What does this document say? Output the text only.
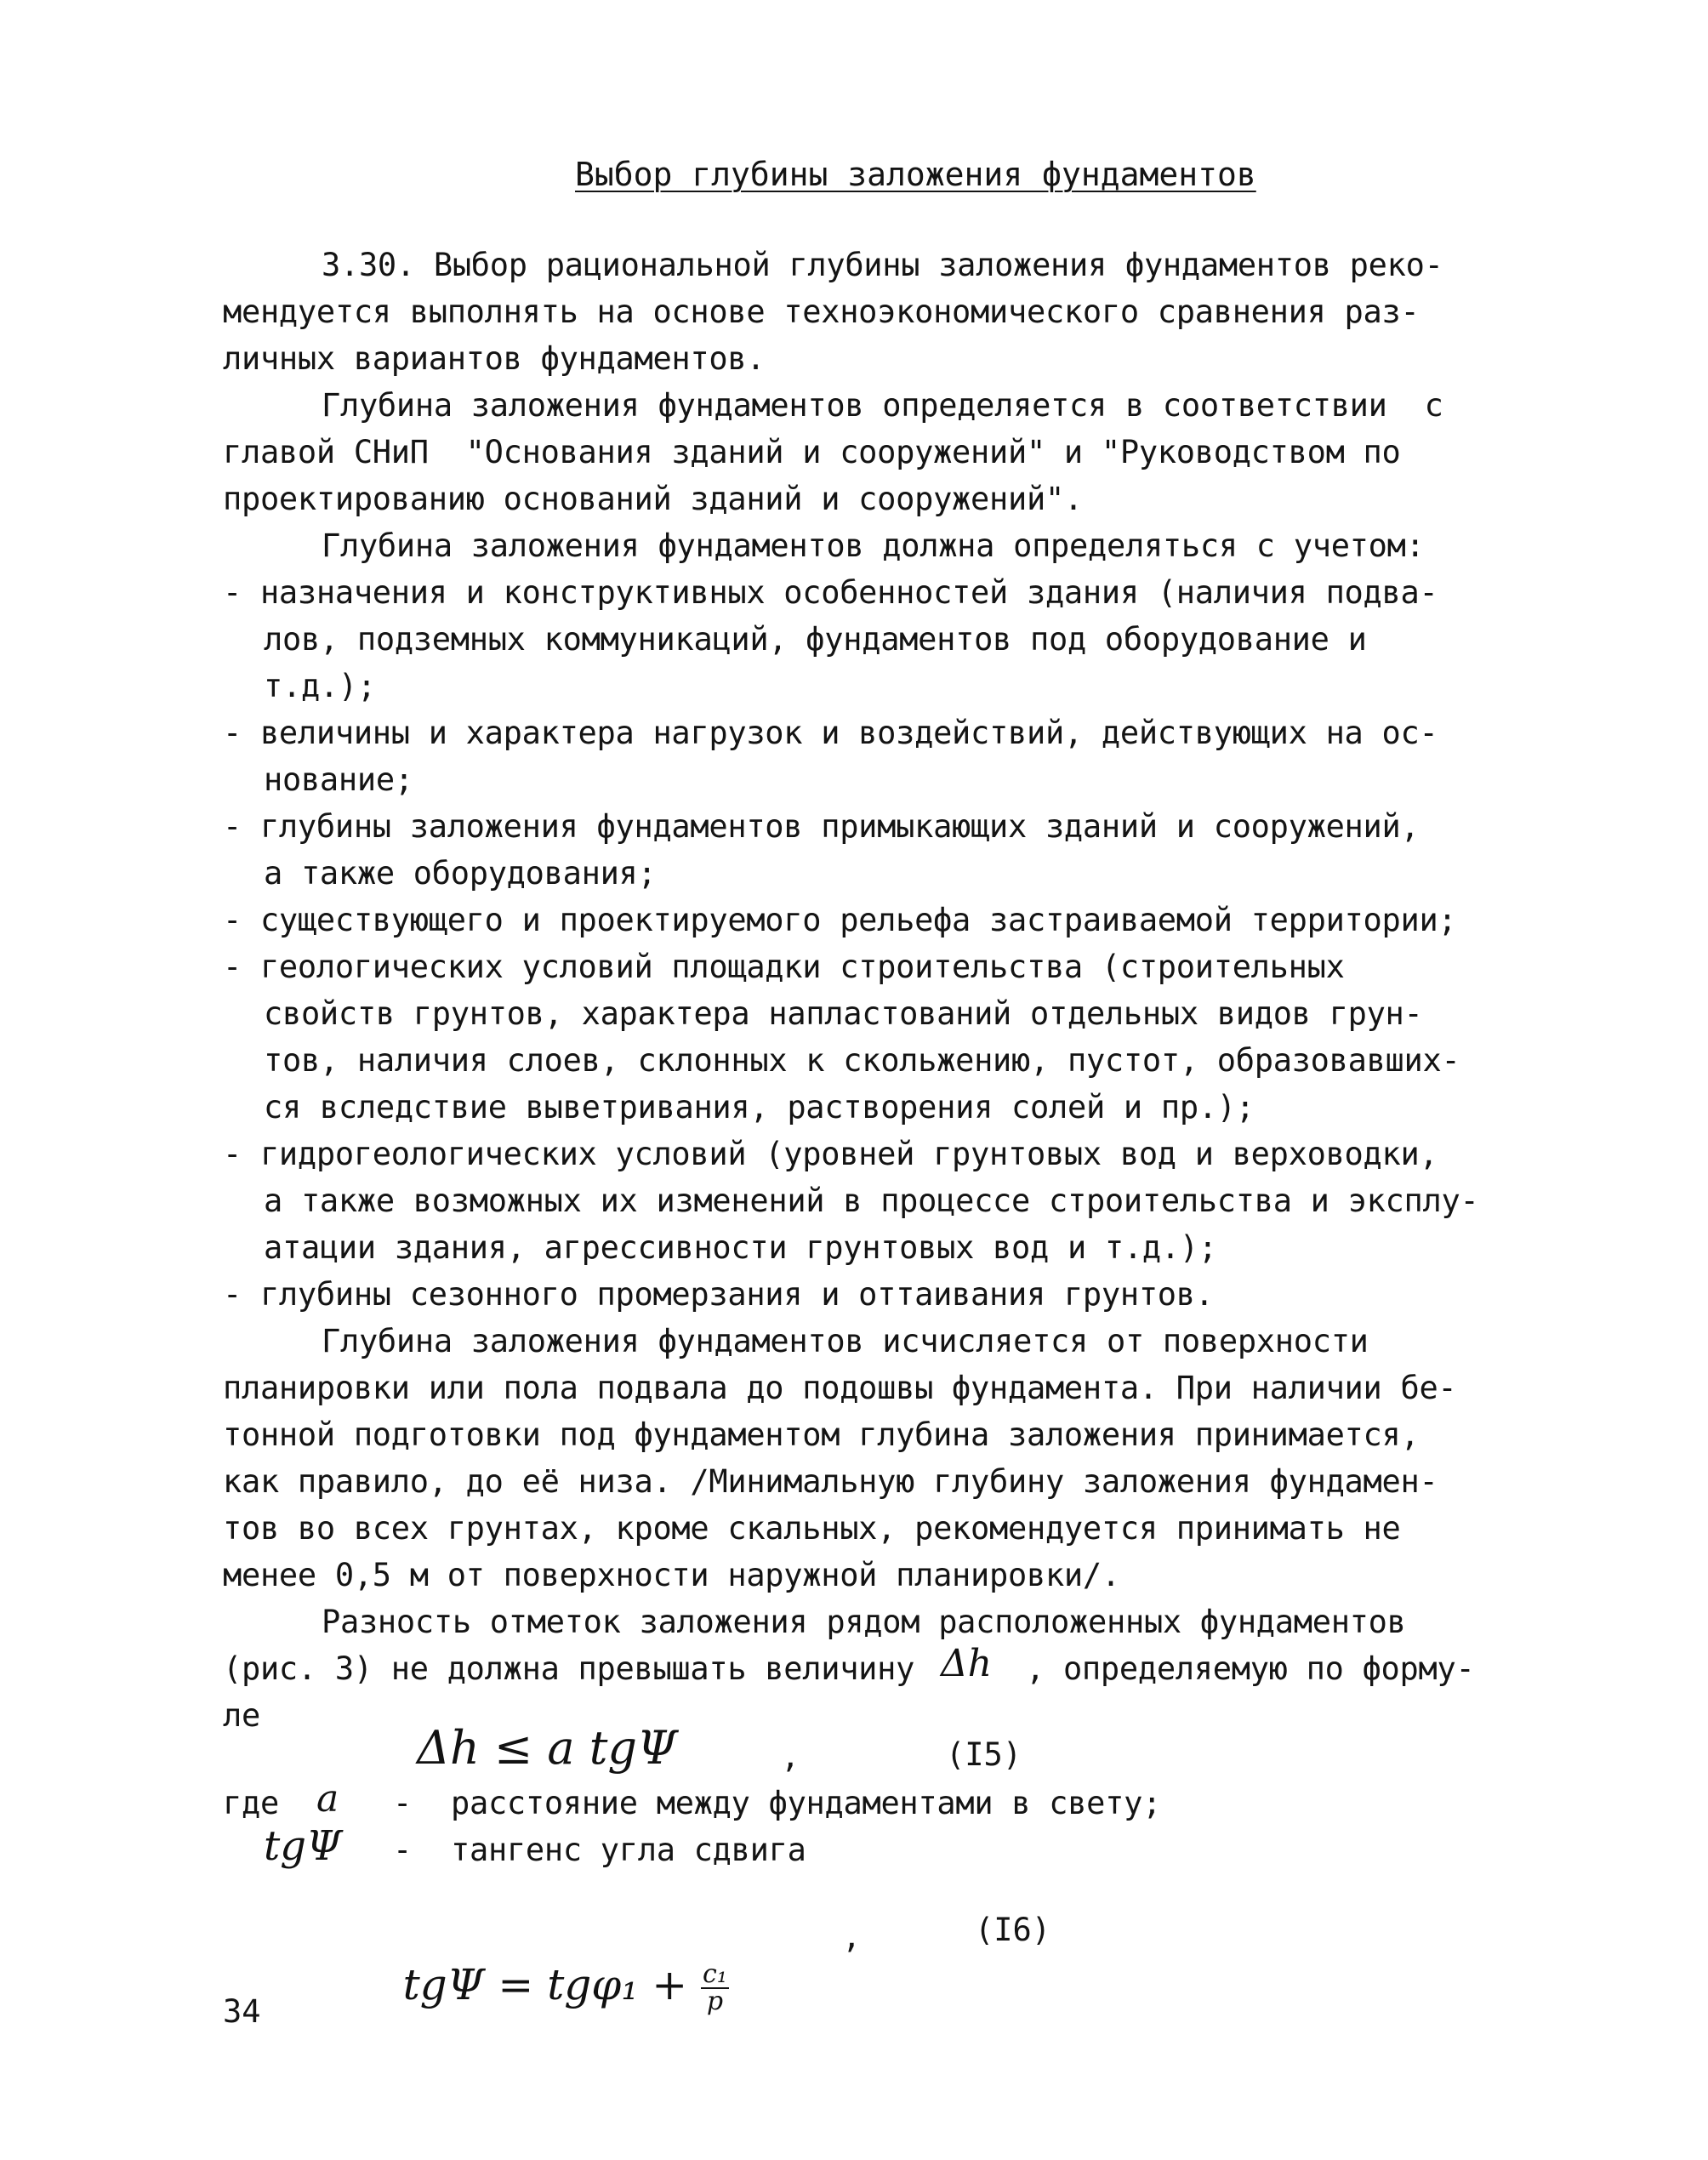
Выбор глубины заложения фундаментов
3.30. Выбор рациональной глубины заложения фундаментов реко-
мендуется выполнять на основе техноэкономического сравнения раз-
личных вариантов фундаментов.
Глубина заложения фундаментов определяется в соответствии  с
главой СНиП  "Основания зданий и сооружений" и "Руководством по
проектированию оснований зданий и сооружений".
Глубина заложения фундаментов должна определяться с учетом:
- назначения и конструктивных особенностей здания (наличия подва-
лов, подземных коммуникаций, фундаментов под оборудование и
т.д.);
- величины и характера нагрузок и воздействий, действующих на ос-
нование;
- глубины заложения фундаментов примыкающих зданий и сооружений,
а также оборудования;
- существующего и проектируемого рельефа застраиваемой территории;
- геологических условий площадки строительства (строительных
свойств грунтов, характера напластований отдельных видов грун-
тов, наличия слоев, склонных к скольжению, пустот, образовавших-
ся вследствие выветривания, растворения солей и пр.);
- гидрогеологических условий (уровней грунтовых вод и верховодки,
а также возможных их изменений в процессе строительства и эксплу-
атации здания, агрессивности грунтовых вод и т.д.);
- глубины сезонного промерзания и оттаивания грунтов.
Глубина заложения фундаментов исчисляется от поверхности
планировки или пола подвала до подошвы фундамента. При наличии бе-
тонной подготовки под фундаментом глубина заложения принимается,
как правило, до её низа. /Минимальную глубину заложения фундамен-
тов во всех грунтах, кроме скальных, рекомендуется принимать не
менее 0,5 м от поверхности наружной планировки/.
Разность отметок заложения рядом расположенных фундаментов
(рис. 3) не должна превышать величину Δh , определяемую по форму-
ле
Δh ≤ a tgΨ	,	(I5)
где a - расстояние между фундаментами в свету;
tgΨ - тангенс угла сдвига

$tg\Psi = tg\varphi_1 + \frac{\text{c₁}}{p}$

,	(I6)
34
